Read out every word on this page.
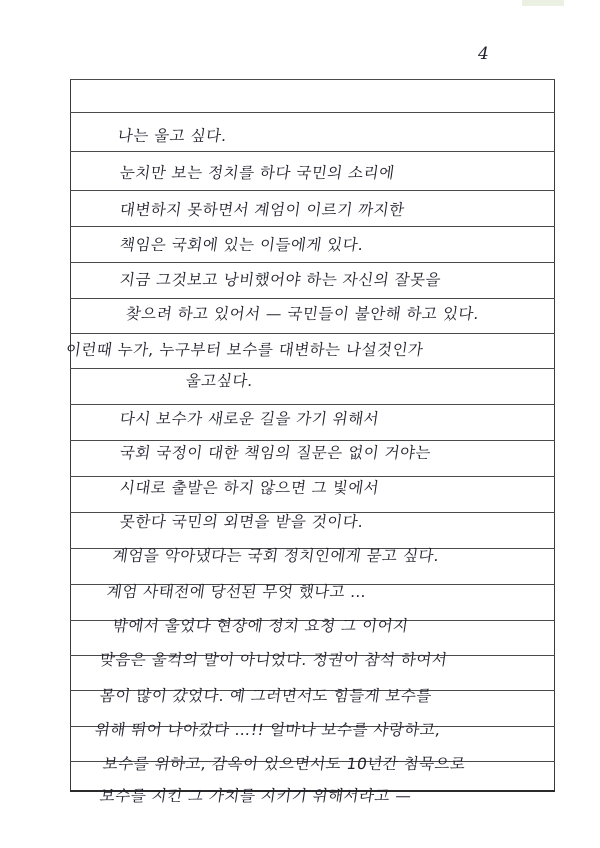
4
나는 울고 싶다.
눈치만 보는 정치를 하다 국민의 소리에
대변하지 못하면서 계엄이 이르기 까지한
책임은 국회에 있는 이들에게 있다.
지금 그것보고 낭비했어야 하는 자신의 잘못을
찾으려 하고 있어서 — 국민들이 불안해 하고 있다.
이런때 누가, 누구부터 보수를 대변하는 나설것인가
울고싶다.
다시 보수가 새로운 길을 가기 위해서
국회 국정이 대한 책임의 질문은 없이 거야는
시대로 출발은 하지 않으면 그 빛에서
못한다 국민의 외면을 받을 것이다.
계엄을 악아냈다는 국회 정치인에게 묻고 싶다.
계엄 사태전에 당선된 무엇 했나고 …
밖에서 울었다 현장에 정치 요청 그 이어지
맞음은 울컥의 말이 아니었다. 정권이 참석 하여서
몸이 많이 갔었다. 예 그러면서도 힘들게 보수를
위해 뛰어 나아갔다 …!! 얼마나 보수를 사랑하고,
보수를 위하고, 감옥이 있으면서도 10년간 침묵으로
보수를 지킨 그 가치를 지키기 위해서라고 —
